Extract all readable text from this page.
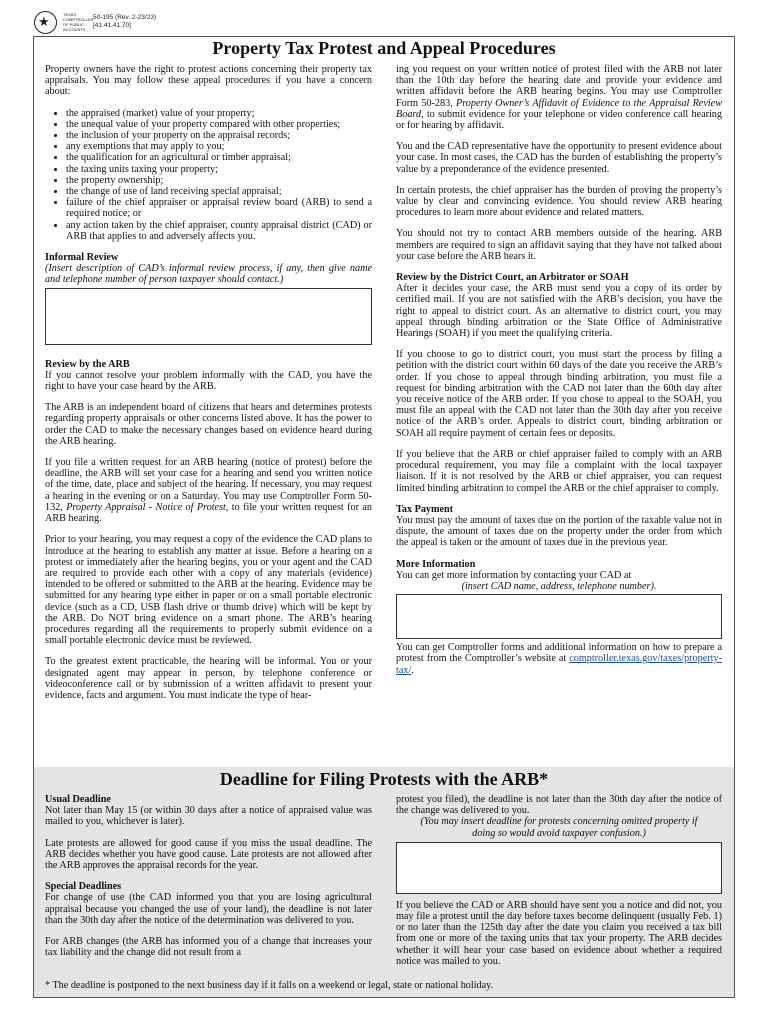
★
TEXAS COMPTROLLER OF PUBLIC ACCOUNTS
50-195 (Rev. 2-23/23)
[41.41,41.70]
Property Tax Protest and Appeal Procedures

Property owners have the right to protest actions concerning their property tax appraisals. You may follow these appeal procedures if you have a concern about:

• the appraised (market) value of your property;
• the unequal value of your property compared with other properties;
• the inclusion of your property on the appraisal records;
• any exemptions that may apply to you;
• the qualification for an agricultural or timber appraisal;
• the taxing units taxing your property;
• the property ownership;
• the change of use of land receiving special appraisal;
• failure of the chief appraiser or appraisal review board (ARB) to send a required notice; or
• any action taken by the chief appraiser, county appraisal district (CAD) or ARB that applies to and adversely affects you.
Informal Review

(Insert description of CAD’s informal review process, if any, then give name and telephone number of person taxpayer should contact.)

Review by the ARB

If you cannot resolve your problem informally with the CAD, you have the right to have your case heard by the ARB.

The ARB is an independent board of citizens that hears and determines protests regarding property appraisals or other concerns listed above. It has the power to order the CAD to make the necessary changes based on evidence heard during the ARB hearing.

If you file a written request for an ARB hearing (notice of protest) before the deadline, the ARB will set your case for a hearing and send you written notice of the time, date, place and subject of the hearing. If necessary, you may request a hearing in the evening or on a Saturday. You may use Comptroller Form 50-132, Property Appraisal - Notice of Protest, to file your written request for an ARB hearing.

Prior to your hearing, you may request a copy of the evidence the CAD plans to introduce at the hearing to establish any matter at issue. Before a hearing on a protest or immediately after the hearing begins, you or your agent and the CAD are required to provide each other with a copy of any materials (evidence) intended to be offered or submitted to the ARB at the hearing. Evidence may be submitted for any hearing type either in paper or on a small portable electronic device (such as a CD, USB flash drive or thumb drive) which will be kept by the ARB. Do NOT bring evidence on a smart phone. The ARB’s hearing procedures regarding all the requirements to properly submit evidence on a small portable electronic device must be reviewed.

To the greatest extent practicable, the hearing will be informal. You or your designated agent may appear in person, by telephone conference or videoconference call or by submission of a written affidavit to present your evidence, facts and argument. You must indicate the type of hear-

ing you request on your written notice of protest filed with the ARB not later than the 10th day before the hearing date and provide your evidence and written affidavit before the ARB hearing begins. You may use Comptroller Form 50-283, Property Owner’s Affidavit of Evidence to the Appraisal Review Board, to submit evidence for your telephone or video conference call hearing or for hearing by affidavit.

You and the CAD representative have the opportunity to present evidence about your case. In most cases, the CAD has the burden of establishing the property’s value by a preponderance of the evidence presented.

In certain protests, the chief appraiser has the burden of proving the property’s value by clear and convincing evidence. You should review ARB hearing procedures to learn more about evidence and related matters.

You should not try to contact ARB members outside of the hearing. ARB members are required to sign an affidavit saying that they have not talked about your case before the ARB hears it.

Review by the District Court, an Arbitrator or SOAH

After it decides your case, the ARB must send you a copy of its order by certified mail. If you are not satisfied with the ARB’s decision, you have the right to appeal to district court. As an alternative to district court, you may appeal through binding arbitration or the State Office of Administrative Hearings (SOAH) if you meet the qualifying criteria.

If you choose to go to district court, you must start the process by filing a petition with the district court within 60 days of the date you receive the ARB’s order. If you chose to appeal through binding arbitration, you must file a request for binding arbitration with the CAD not later than the 60th day after you receive notice of the ARB order. If you chose to appeal to the SOAH, you must file an appeal with the CAD not later than the 30th day after you receive notice of the ARB’s order. Appeals to district court, binding arbitration or SOAH all require payment of certain fees or deposits.

If you believe that the ARB or chief appraiser failed to comply with an ARB procedural requirement, you may file a complaint with the local taxpayer liaison. If it is not resolved by the ARB or chief appraiser, you can request limited binding arbitration to compel the ARB or the chief appraiser to comply.

Tax Payment

You must pay the amount of taxes due on the portion of the taxable value not in dispute, the amount of taxes due on the property under the order from which the appeal is taken or the amount of taxes due in the previous year.

More Information

You can get more information by contacting your CAD at

(insert CAD name, address, telephone number).

You can get Comptroller forms and additional information on how to prepare a protest from the Comptroller’s website at comptroller.texas.gov/taxes/property-tax/.

Deadline for Filing Protests with the ARB*
Usual Deadline

Not later than May 15 (or within 30 days after a notice of appraised value was mailed to you, whichever is later).

Late protests are allowed for good cause if you miss the usual deadline. The ARB decides whether you have good cause. Late protests are not allowed after the ARB approves the appraisal records for the year.

Special Deadlines

For change of use (the CAD informed you that you are losing agricultural appraisal because you changed the use of your land), the deadline is not later than the 30th day after the notice of the determination was delivered to you.

For ARB changes (the ARB has informed you of a change that increases your tax liability and the change did not result from a

protest you filed), the deadline is not later than the 30th day after the notice of the change was delivered to you.

(You may insert deadline for protests concerning omitted property if doing so would avoid taxpayer confusion.)

If you believe the CAD or ARB should have sent you a notice and did not, you may file a protest until the day before taxes become delinquent (usually Feb. 1) or no later than the 125th day after the date you claim you received a tax bill from one or more of the taxing units that tax your property. The ARB decides whether it will hear your case based on evidence about whether a required notice was mailed to you.

* The deadline is postponed to the next business day if it falls on a weekend or legal, state or national holiday.
